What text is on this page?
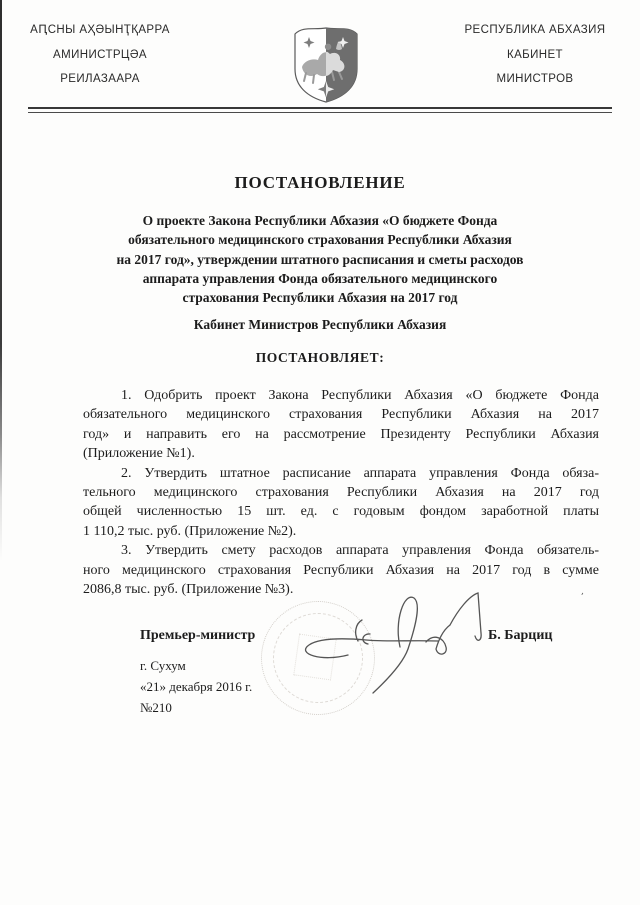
АԤСНЫ АҲӘЫНҬҚАРРА
АМИНИСТРЦӘА
РЕИЛАЗААРА
РЕСПУБЛИКА АБХАЗИЯ
КАБИНЕТ
МИНИСТРОВ
ПОСТАНОВЛЕНИЕ
О проекте Закона Республики Абхазия «О бюджете Фонда
обязательного медицинского страхования Республики Абхазия
на 2017 год», утверждении штатного расписания и сметы расходов
аппарата управления Фонда обязательного медицинского
страхования Республики Абхазия на 2017 год
Кабинет Министров Республики Абхазия
ПОСТАНОВЛЯЕТ:
1. Одобрить проект Закона Республики Абхазия «О бюджете Фонда
обязательного медицинского страхования Республики Абхазия на 2017
год» и направить его на рассмотрение Президенту Республики Абхазия
(Приложение №1).
2. Утвердить штатное расписание аппарата управления Фонда обяза-
тельного медицинского страхования Республики Абхазия на 2017 год
общей численностью 15 шт. ед. с годовым фондом заработной платы
1 110,2 тыс. руб. (Приложение №2).
3. Утвердить смету расходов аппарата управления Фонда обязатель-
ного медицинского страхования Республики Абхазия на 2017 год в сумме
2086,8 тыс. руб. (Приложение №3).
Премьер-министр	Б. Барциц
г. Сухум
«21» декабря 2016 г.
№210
ʼ
